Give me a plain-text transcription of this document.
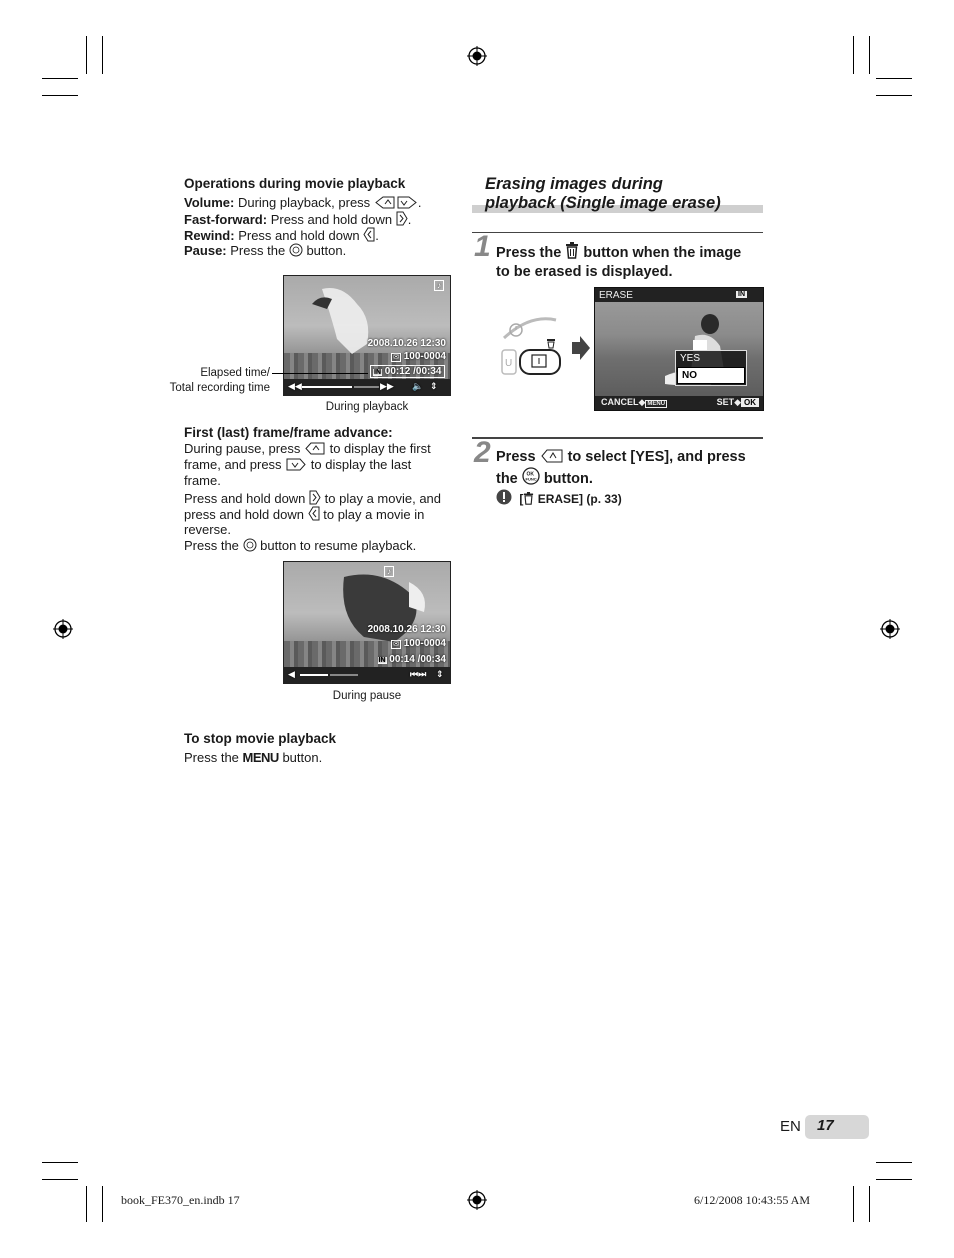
Operations during movie playback
Volume: During playback, press	.
Fast-forward: Press and hold down .
Rewind: Press and hold down .
Pause: Press the button.
♪
2008.10.26 12:30
✉ 100-0004
IN 00:12 /00:34
◀◀	▶▶ 🔈 ⇕
Elapsed time/
Total recording time
During playback
First (last) frame/frame advance:
During pause, press to display the first
frame, and press to display the last
frame.
Press and hold down to play a movie, and
press and hold down to play a movie in
reverse.
Press the button to resume playback.
♪
2008.10.26 12:30
✉ 100-0004
IN 00:14 /00:34
◀	⏮⏭ ⇕
During pause
To stop movie playback
Press the MENU button.
Erasing images during
playback (Single image erase)
1 Press the button when the image
to be erased is displayed.
U
ERASE	IN
YES
NO
CANCEL◆ MENU	SET◆ OK
2 Press to select [YES], and press
the OK
FUNC button.
[ ERASE] (p. 33)
EN 17
book_FE370_en.indb 17	6/12/2008 10:43:55 AM
